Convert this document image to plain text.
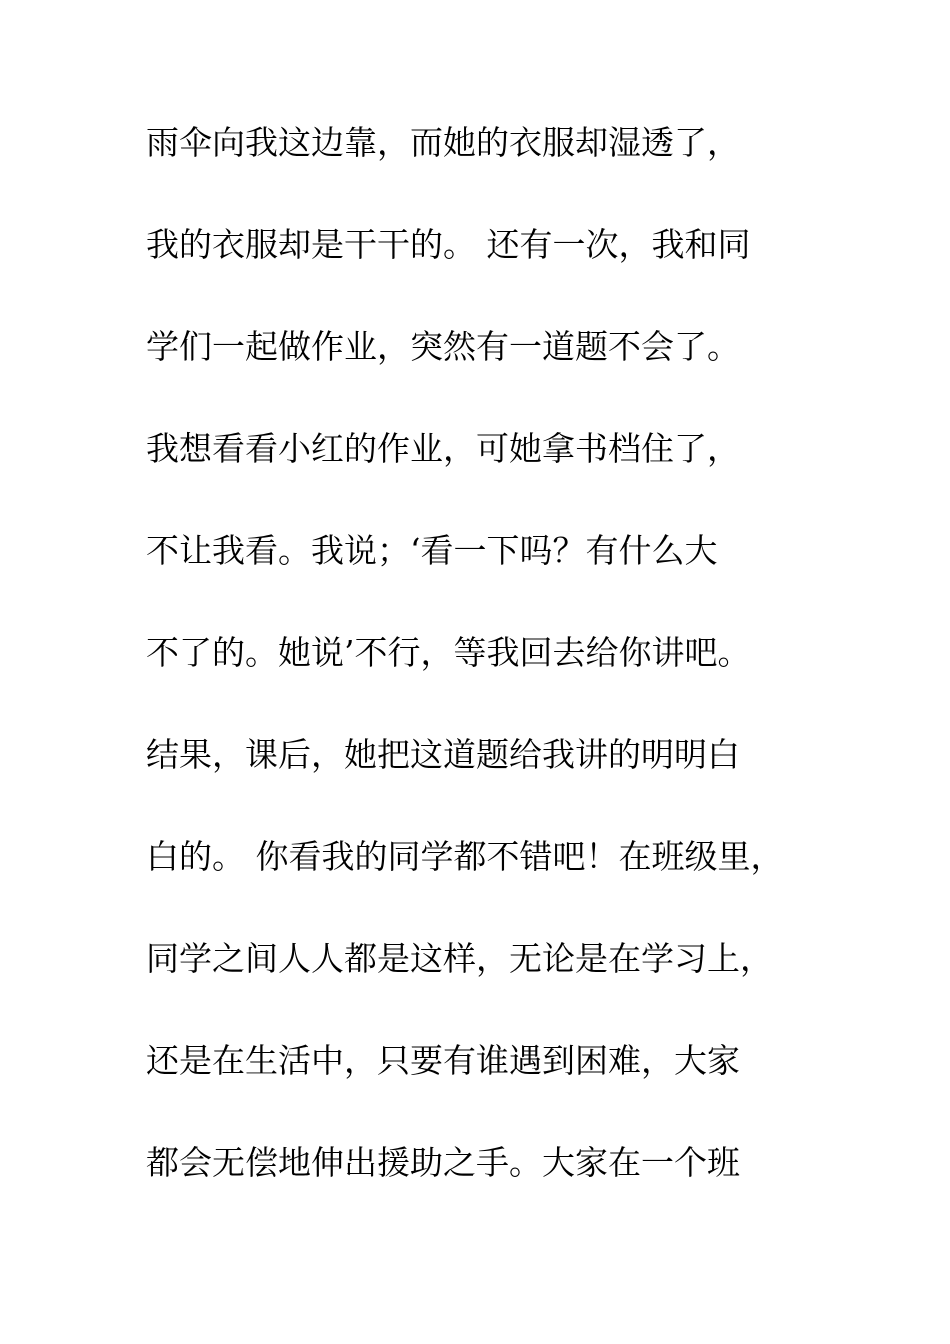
雨伞向我这边靠，而她的衣服却湿透了，
我的衣服却是干干的。 还有一次，我和同
学们一起做作业，突然有一道题不会了。
我想看看小红的作业，可她拿书档住了，
不让我看。我说；‘看一下吗？有什么大
不了的。她说’不行，等我回去给你讲吧。
结果，课后，她把这道题给我讲的明明白
白的。 你看我的同学都不错吧！在班级里，
同学之间人人都是这样，无论是在学习上，
还是在生活中，只要有谁遇到困难，大家
都会无偿地伸出援助之手。大家在一个班
